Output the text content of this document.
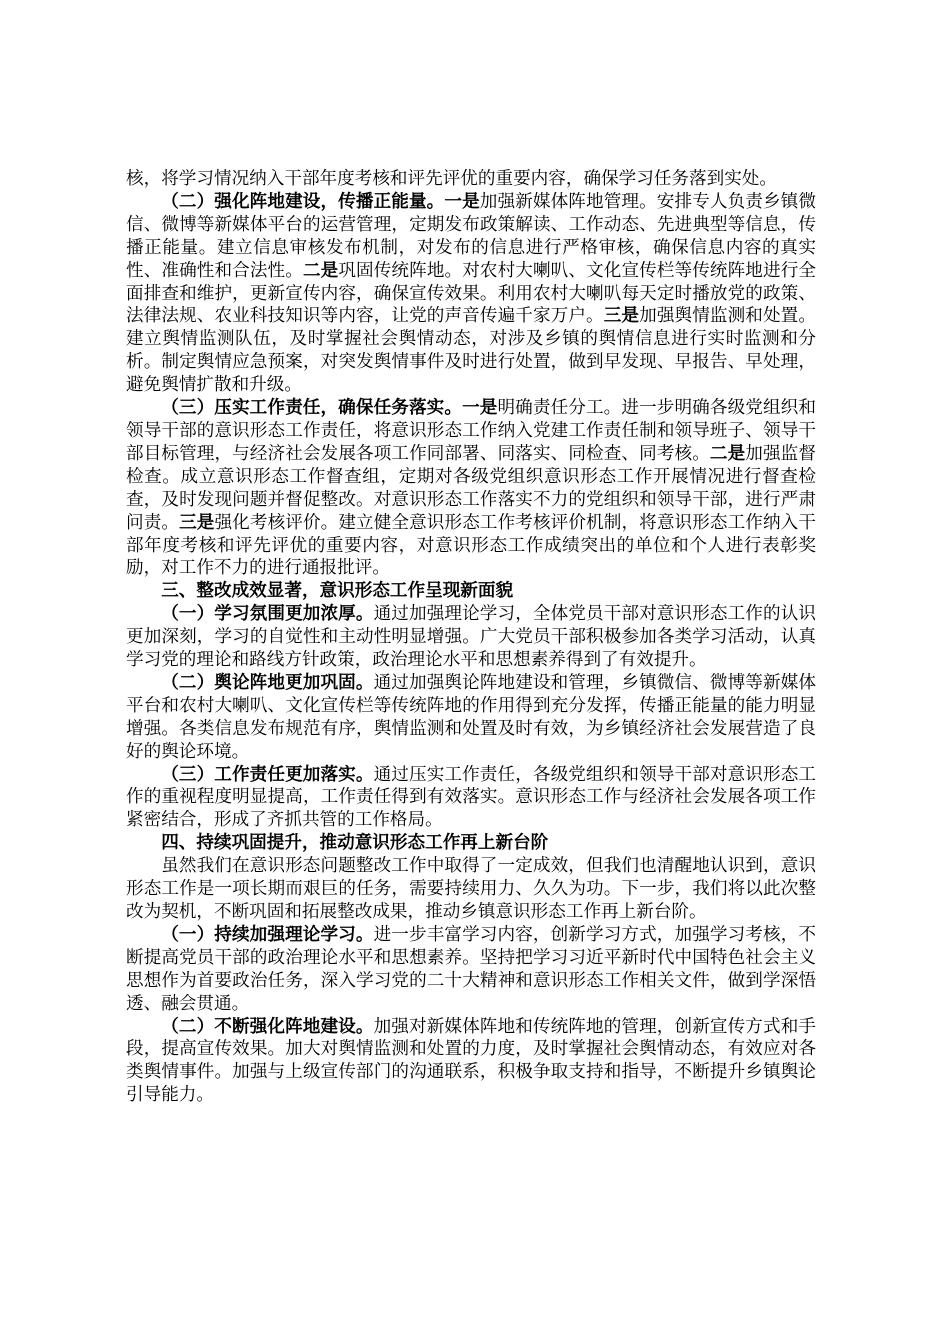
核，将学习情况纳入干部年度考核和评先评优的重要内容，确保学习任务落到实处。

（二）强化阵地建设，传播正能量。一是加强新媒体阵地管理。安排专人负责乡镇微信、微博等新媒体平台的运营管理，定期发布政策解读、工作动态、先进典型等信息，传播正能量。建立信息审核发布机制，对发布的信息进行严格审核，确保信息内容的真实性、准确性和合法性。二是巩固传统阵地。对农村大喇叭、文化宣传栏等传统阵地进行全面排查和维护，更新宣传内容，确保宣传效果。利用农村大喇叭每天定时播放党的政策、法律法规、农业科技知识等内容，让党的声音传遍千家万户。三是加强舆情监测和处置。建立舆情监测队伍，及时掌握社会舆情动态，对涉及乡镇的舆情信息进行实时监测和分析。制定舆情应急预案，对突发舆情事件及时进行处置，做到早发现、早报告、早处理，避免舆情扩散和升级。

（三）压实工作责任，确保任务落实。一是明确责任分工。进一步明确各级党组织和领导干部的意识形态工作责任，将意识形态工作纳入党建工作责任制和领导班子、领导干部目标管理，与经济社会发展各项工作同部署、同落实、同检查、同考核。二是加强监督检查。成立意识形态工作督查组，定期对各级党组织意识形态工作开展情况进行督查检查，及时发现问题并督促整改。对意识形态工作落实不力的党组织和领导干部，进行严肃问责。三是强化考核评价。建立健全意识形态工作考核评价机制，将意识形态工作纳入干部年度考核和评先评优的重要内容，对意识形态工作成绩突出的单位和个人进行表彰奖励，对工作不力的进行通报批评。

三、整改成效显著，意识形态工作呈现新面貌

（一）学习氛围更加浓厚。通过加强理论学习，全体党员干部对意识形态工作的认识更加深刻，学习的自觉性和主动性明显增强。广大党员干部积极参加各类学习活动，认真学习党的理论和路线方针政策，政治理论水平和思想素养得到了有效提升。

（二）舆论阵地更加巩固。通过加强舆论阵地建设和管理，乡镇微信、微博等新媒体平台和农村大喇叭、文化宣传栏等传统阵地的作用得到充分发挥，传播正能量的能力明显增强。各类信息发布规范有序，舆情监测和处置及时有效，为乡镇经济社会发展营造了良好的舆论环境。

（三）工作责任更加落实。通过压实工作责任，各级党组织和领导干部对意识形态工作的重视程度明显提高，工作责任得到有效落实。意识形态工作与经济社会发展各项工作紧密结合，形成了齐抓共管的工作格局。

四、持续巩固提升，推动意识形态工作再上新台阶

虽然我们在意识形态问题整改工作中取得了一定成效，但我们也清醒地认识到，意识形态工作是一项长期而艰巨的任务，需要持续用力、久久为功。下一步，我们将以此次整改为契机，不断巩固和拓展整改成果，推动乡镇意识形态工作再上新台阶。

（一）持续加强理论学习。进一步丰富学习内容，创新学习方式，加强学习考核，不断提高党员干部的政治理论水平和思想素养。坚持把学习习近平新时代中国特色社会主义思想作为首要政治任务，深入学习党的二十大精神和意识形态工作相关文件，做到学深悟透、融会贯通。

（二）不断强化阵地建设。加强对新媒体阵地和传统阵地的管理，创新宣传方式和手段，提高宣传效果。加大对舆情监测和处置的力度，及时掌握社会舆情动态，有效应对各类舆情事件。加强与上级宣传部门的沟通联系，积极争取支持和指导，不断提升乡镇舆论引导能力。
